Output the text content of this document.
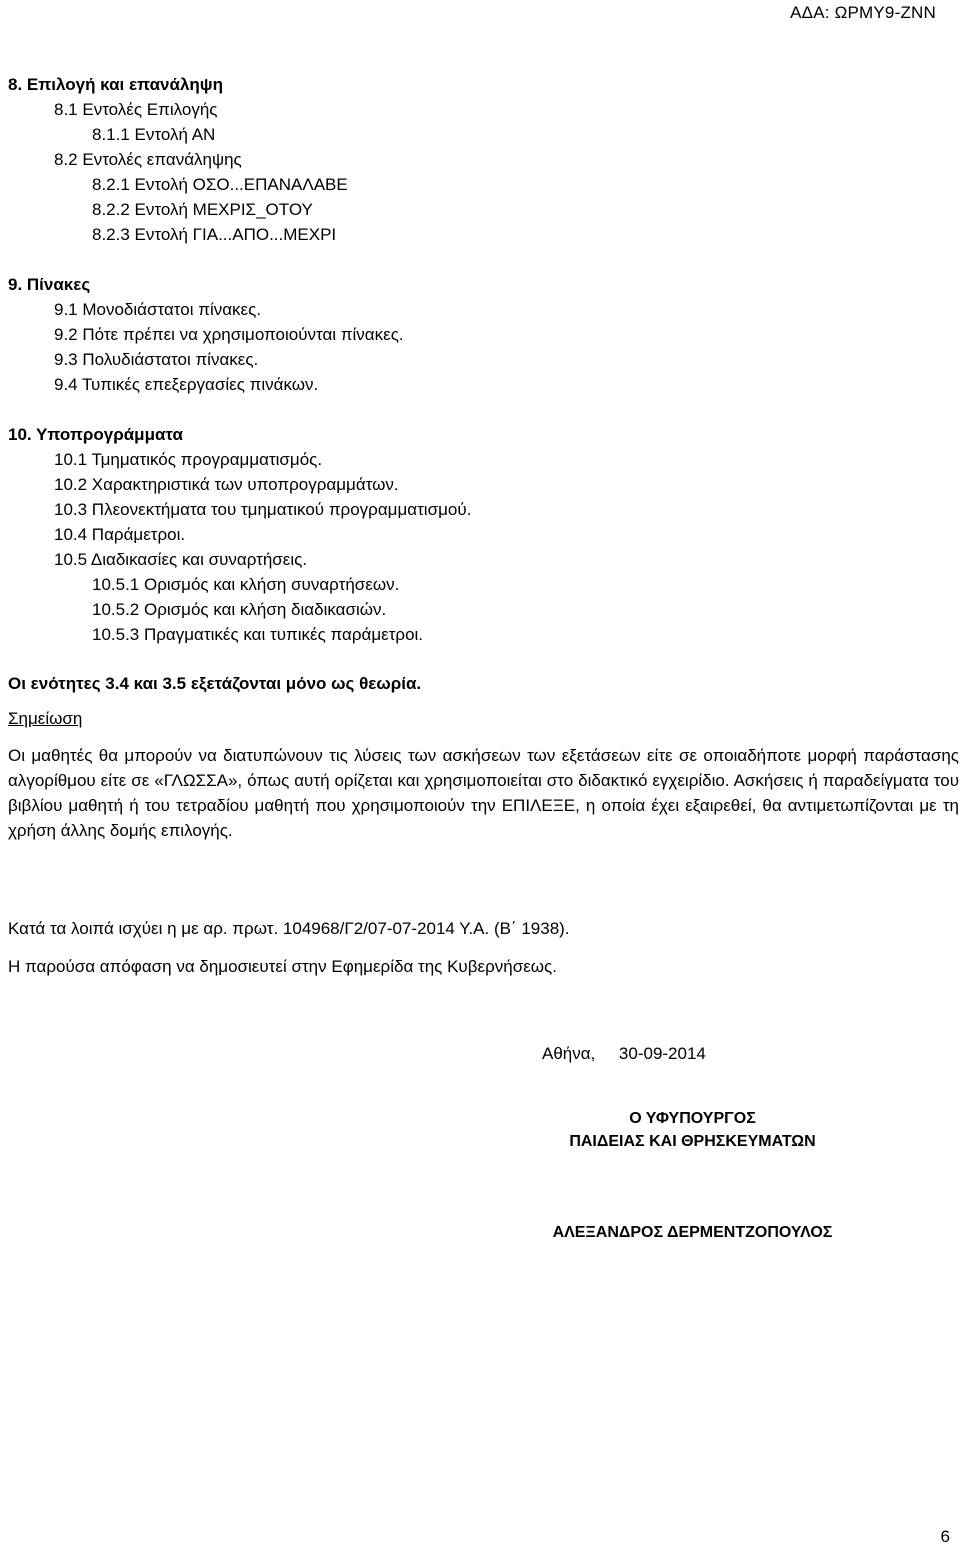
ΑΔΑ: ΩΡΜΥ9-ΖΝΝ
8. Επιλογή και επανάληψη
8.1 Εντολές Επιλογής
8.1.1 Εντολή ΑΝ
8.2 Εντολές επανάληψης
8.2.1 Εντολή ΟΣΟ...ΕΠΑΝΑΛΑΒΕ
8.2.2 Εντολή ΜΕΧΡΙΣ_ΟΤΟΥ
8.2.3 Εντολή ΓΙΑ...ΑΠΟ...ΜΕΧΡΙ
9. Πίνακες
9.1 Μονοδιάστατοι πίνακες.
9.2 Πότε πρέπει να χρησιμοποιούνται πίνακες.
9.3 Πολυδιάστατοι πίνακες.
9.4 Τυπικές επεξεργασίες πινάκων.
10. Υποπρογράμματα
10.1 Τμηματικός προγραμματισμός.
10.2 Χαρακτηριστικά των υποπρογραμμάτων.
10.3 Πλεονεκτήματα του τμηματικού προγραμματισμού.
10.4 Παράμετροι.
10.5 Διαδικασίες και συναρτήσεις.
10.5.1 Ορισμός και κλήση συναρτήσεων.
10.5.2 Ορισμός και κλήση διαδικασιών.
10.5.3 Πραγματικές και τυπικές παράμετροι.
Οι ενότητες 3.4 και 3.5 εξετάζονται μόνο ως θεωρία.
Σημείωση
Οι μαθητές θα μπορούν να διατυπώνουν τις λύσεις των ασκήσεων των εξετάσεων είτε σε οποιαδήποτε μορφή παράστασης αλγορίθμου είτε σε «ΓΛΩΣΣΑ», όπως αυτή ορίζεται και χρησιμοποιείται στο διδακτικό εγχειρίδιο. Ασκήσεις ή παραδείγματα του βιβλίου μαθητή ή του τετραδίου μαθητή που χρησιμοποιούν την ΕΠΙΛΕΞΕ, η οποία έχει εξαιρεθεί, θα αντιμετωπίζονται με τη χρήση άλλης δομής επιλογής.
Κατά τα λοιπά ισχύει η με αρ. πρωτ. 104968/Γ2/07-07-2014 Υ.Α. (Β΄ 1938).
Η παρούσα απόφαση να δημοσιευτεί στην Εφημερίδα της Κυβερνήσεως.
Αθήνα,     30-09-2014
Ο ΥΦΥΠΟΥΡΓΟΣ
ΠΑΙΔΕΙΑΣ ΚΑΙ ΘΡΗΣΚΕΥΜΑΤΩΝ
ΑΛΕΞΑΝΔΡΟΣ ΔΕΡΜΕΝΤΖΟΠΟΥΛΟΣ
6
